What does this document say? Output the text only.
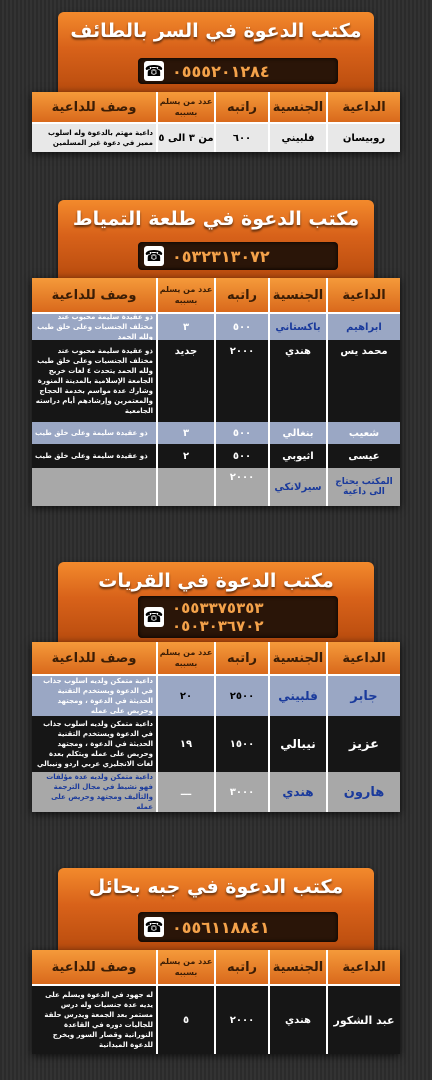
مكتب الدعوة في السر بالطائف
☎ ٠٥٥٥٢٠١٢٨٤
الداعية
الجنسية
راتبه
عدد من يسلم بسببه
وصف للداعية
روبيسان
فلبيني
٦٠٠
من ٣ الى ٥
داعية مهتم بالدعوة وله اسلوب مميز في دعوة غير المسلمين
مكتب الدعوة في طلعة التمياط
☎ ٠٥٣٢٣١٣٠٧٢
الداعية
الجنسية
راتبه
عدد من يسلم بسببه
وصف للداعية
ابراهيم
باكستاني
٥٠٠
٣
ذو عقيدة سليمة محبوب عند مختلف الجنسيات وعلى خلق طيب ولله الحمد
محمد يس
هندي
٢٠٠٠
جديد
ذو عقيدة سليمة محبوب عند مختلف الجنسيات وعلى خلق طيب ولله الحمد يتحدث ٤ لغات خريج الجامعة الإسلامية بالمدينة المنورة وشارك عدة مواسم بخدمة الحجاج والمعتمرين وإرشادهم أيام دراسته الجامعية
شعيب
بنغالي
٥٠٠
٣
ذو عقيدة سليمة وعلى خلق طيب
عيسى
اثيوبي
٥٠٠
٢
ذو عقيدة سليمة وعلى خلق طيب
المكتب يحتاج الى داعية
سيرلانكي
٢٠٠٠
مكتب الدعوة في القريات
☎ ٠٥٥٣٣٧٥٣٥٣
٠٥٠٣٠٣٦٧٠٢
الداعية
الجنسية
راتبه
عدد من يسلم بسببه
وصف للداعية
جابر
فلبيني
٢٥٠٠
٢٠
داعية متمكن ولديه اسلوب جذاب في الدعوة ويستخدم التقنية الحديثة في الدعوة ، ومجتهد وحريص على عمله
عزيز
نيبالي
١٥٠٠
١٩
داعية متمكن ولديه اسلوب جذاب في الدعوة ويستخدم التقنية الحديثة في الدعوة ، ومجتهد وحريص على عمله ويتكلم بعدة لغات الانجليزي عربي اردو ونيبالي
هارون
هندي
٣٠٠٠
ـــ
داعية متمكن ولديه عدة مؤلفات فهو نشيط في مجال الترجمة والتأليف ومجتهد وحريص على عمله
مكتب الدعوة في جبه بحائل
☎ ٠٥٥٦١١٨٨٤١
الداعية
الجنسية
راتبه
عدد من يسلم بسببه
وصف للداعية
عبد الشكور
هندي
٢٠٠٠
٥
له جهود في الدعوة ويسلم على يديه عدة جنسيات وله درس مستمر بعد الجمعة ويدرس حلقة للجاليات دوره في القاعدة النورانية وقصار السور ويخرج للدعوة الميدانية
